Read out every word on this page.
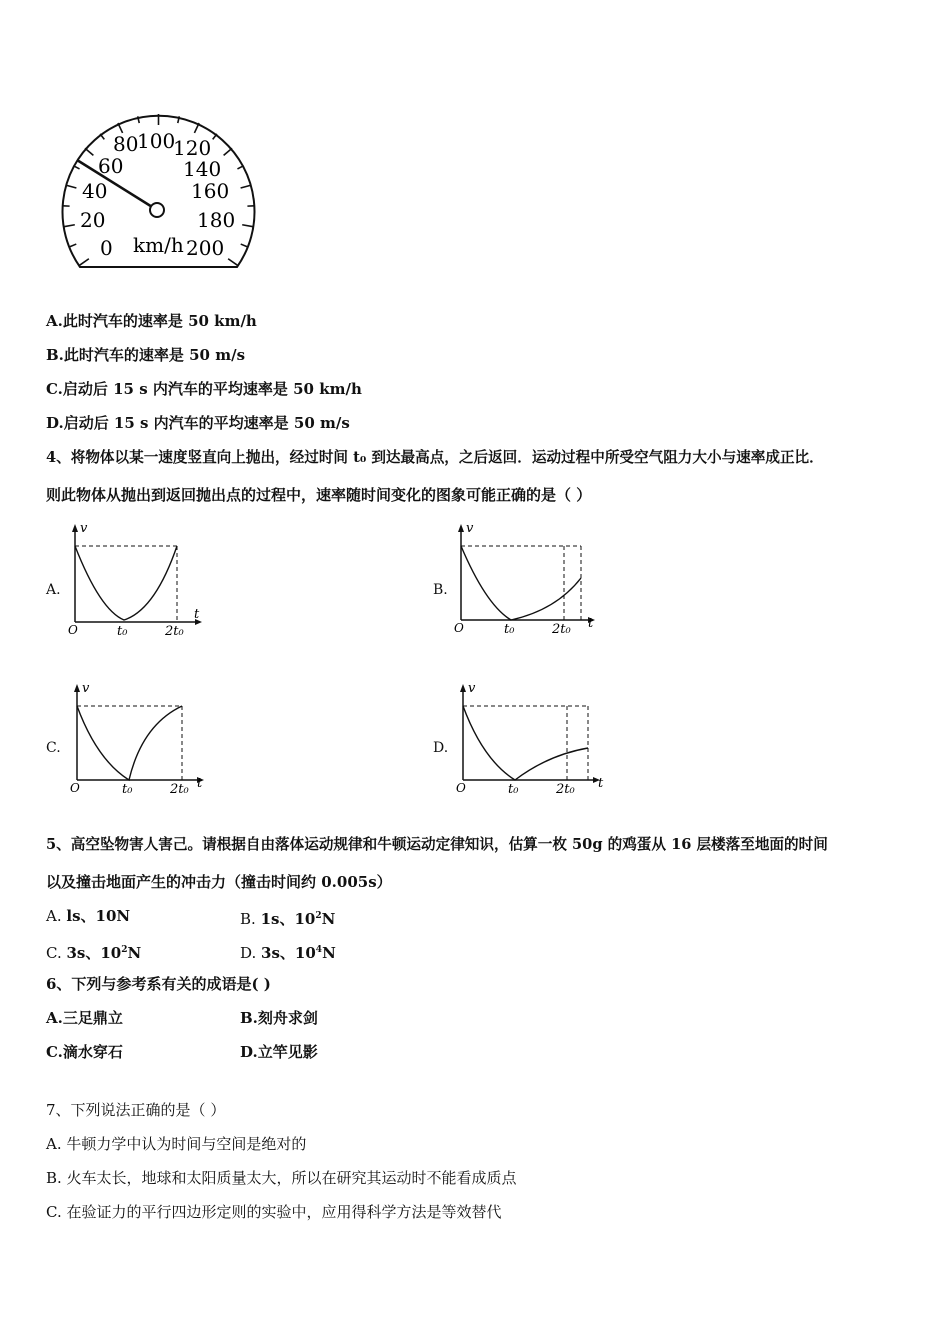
0
20
40
60
80
100
120
140
160
180
200
km/h
A.此时汽车的速率是 50 km/h
B.此时汽车的速率是 50 m/s
C.启动后 15 s 内汽车的平均速率是 50 km/h
D.启动后 15 s 内汽车的平均速率是 50 m/s
4、将物体以某一速度竖直向上抛出，经过时间 t₀ 到达最高点，之后返回．运动过程中所受空气阻力大小与速率成正比．
则此物体从抛出到返回抛出点的过程中，速率随时间变化的图象可能正确的是（ ）
A.	B.
C.	D.
v
t
O	t₀	2t₀
v
t
O	t₀	2t₀
v
t
O	t₀	2t₀
v
t
O	t₀	2t₀
5、高空坠物害人害己。请根据自由落体运动规律和牛顿运动定律知识，估算一枚 50g 的鸡蛋从 16 层楼落至地面的时间
以及撞击地面产生的冲击力（撞击时间约 0.005s）
A. ls、10N	B. 1s、$10^2N$
C. 3s、$10^2N$	D. 3s、$10^4N$
6、下列与参考系有关的成语是( )
A.三足鼎立	B.刻舟求剑
C.滴水穿石	D.立竿见影
7、下列说法正确的是（ ）
A. 牛顿力学中认为时间与空间是绝对的
B. 火车太长，地球和太阳质量太大，所以在研究其运动时不能看成质点
C. 在验证力的平行四边形定则的实验中，应用得科学方法是等效替代
